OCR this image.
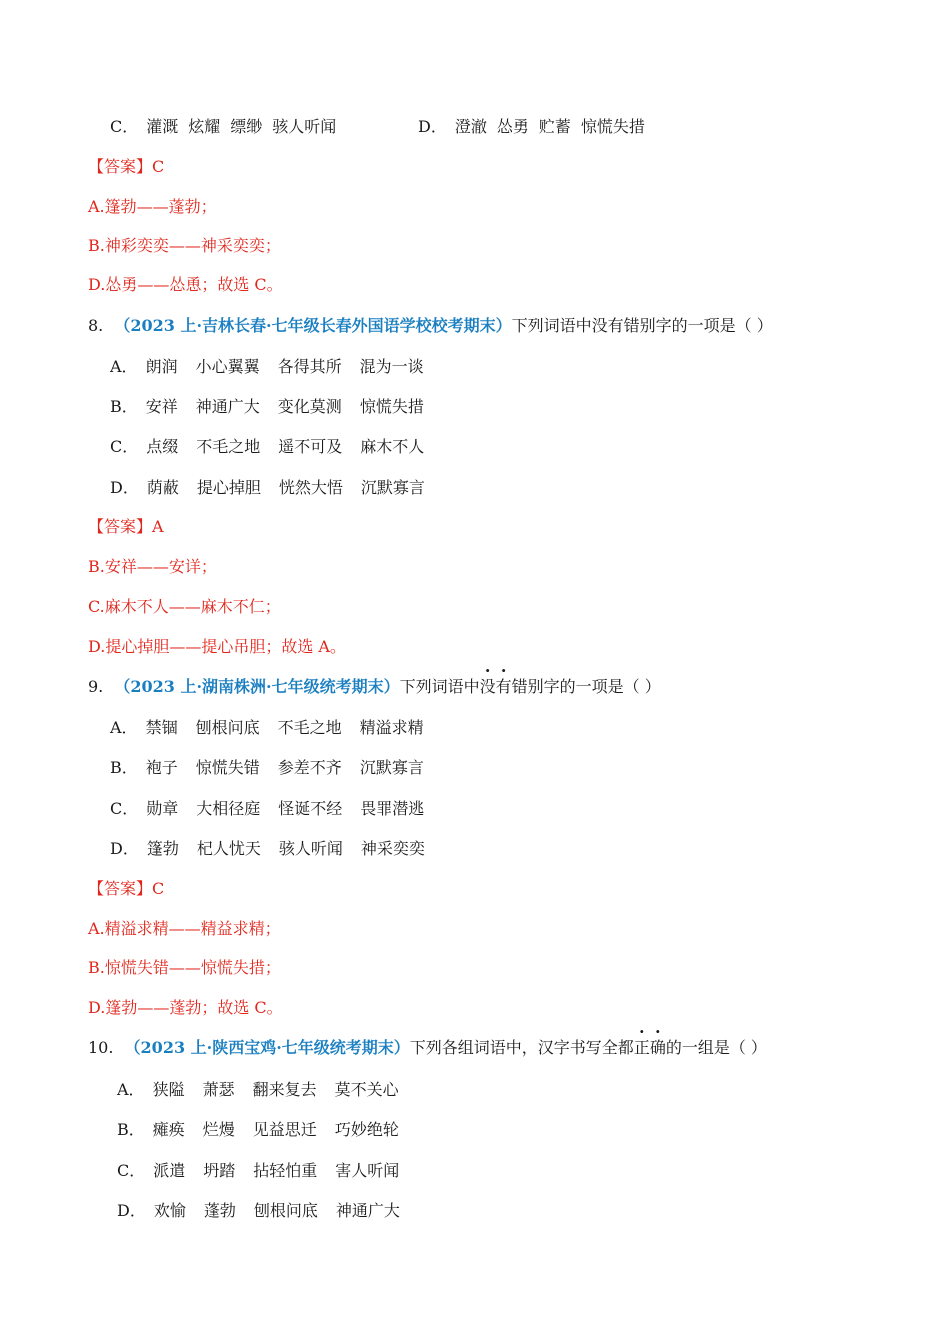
C． 灌溉 炫耀 缥缈 骇人听闻	D． 澄澈 怂勇 贮蓄 惊慌失措
【答案】C
A.篷勃——蓬勃；
B.神彩奕奕——神采奕奕；
D.怂勇——怂恿；故选 C。
8. （2023 上·吉林长春·七年级长春外国语学校校考期末）下列词语中没有错别字的一项是（ ）
A． 朗润 小心翼翼 各得其所 混为一谈
B． 安祥 神通广大 变化莫测 惊慌失措
C． 点缀 不毛之地 遥不可及 麻木不人
D． 荫蔽 提心掉胆 恍然大悟 沉默寡言
【答案】A
B.安祥——安详；
C.麻木不人——麻木不仁；
D.提心掉胆——提心吊胆；故选 A。
9. （2023 上·湖南株洲·七年级统考期末）下列词语中没有错别字的一项是（ ）
A． 禁锢 刨根问底 不毛之地 精溢求精
B． 袍子 惊慌失错 参差不齐 沉默寡言
C． 勋章 大相径庭 怪诞不经 畏罪潜逃
D． 篷勃 杞人忧天 骇人听闻 神采奕奕
【答案】C
A.精溢求精——精益求精；
B.惊慌失错——惊慌失措；
D.篷勃——蓬勃；故选 C。
10. （2023 上·陕西宝鸡·七年级统考期末）下列各组词语中，汉字书写全都正确的一组是（ ）
A． 狭隘 萧瑟 翻来复去 莫不关心
B． 瘫痪 烂熳 见益思迁 巧妙绝轮
C． 派遣 坍踏 拈轻怕重 害人听闻
D． 欢愉 蓬勃 刨根问底 神通广大
